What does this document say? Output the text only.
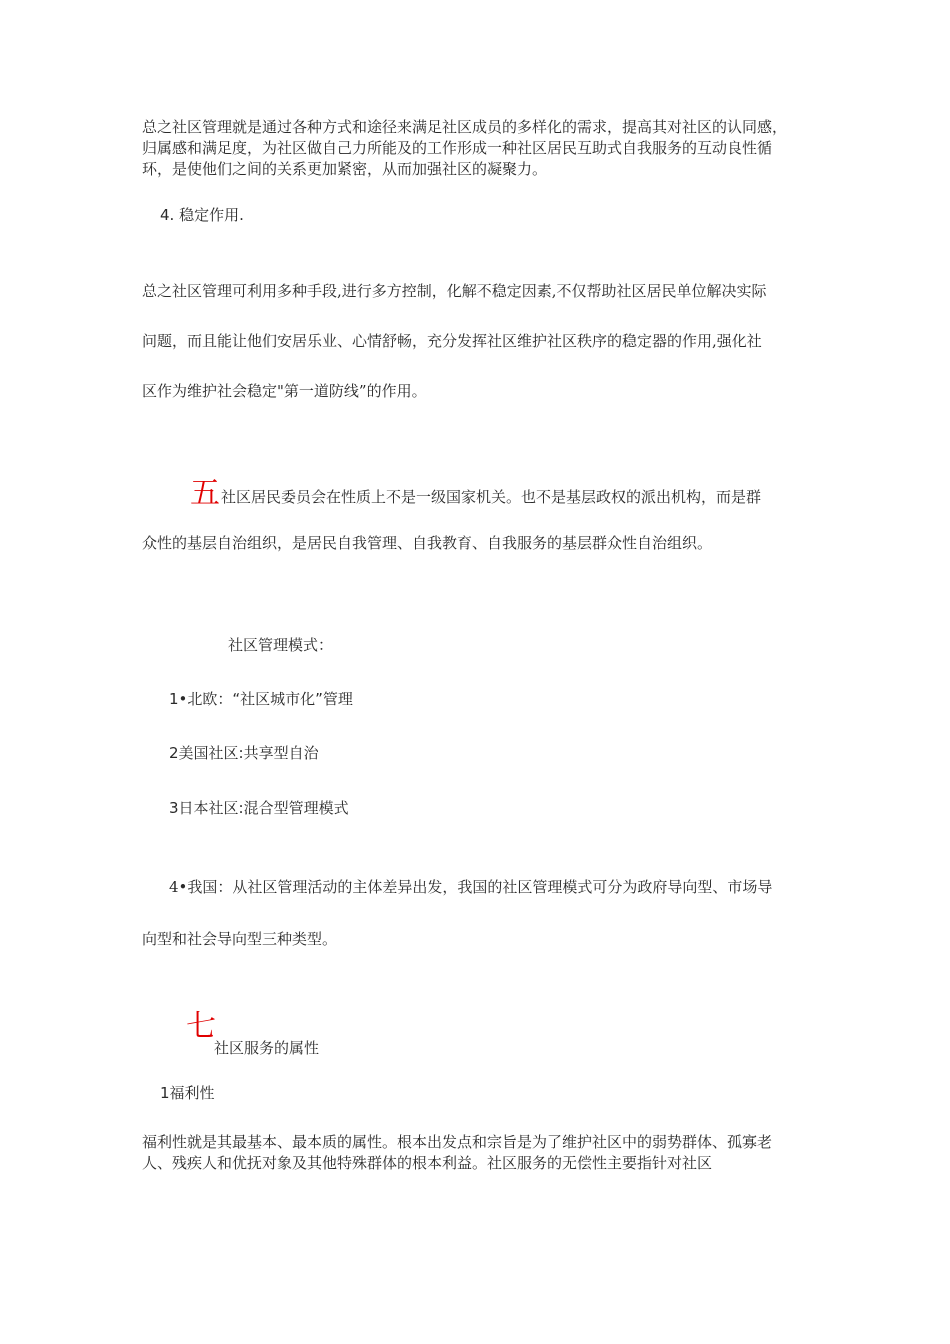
总之社区管理就是通过各种方式和途径来满足社区成员的多样化的需求，提高其对社区的认同感，

归属感和满足度，为社区做自己力所能及的工作形成一种社区居民互助式自我服务的互动良性循

环，是使他们之间的关系更加紧密，从而加强社区的凝聚力。

4. 稳定作用.

总之社区管理可利用多种手段,进行多方控制，化解不稳定因素,不仅帮助社区居民单位解决实际

问题，而且能让他们安居乐业、心情舒畅，充分发挥社区维护社区秩序的稳定器的作用,强化社

区作为维护社会稳定"第一道防线”的作用。

五 社区居民委员会在性质上不是一级国家机关。也不是基层政权的派出机构，而是群

众性的基层自治组织，是居民自我管理、自我教育、自我服务的基层群众性自治组织。

社区管理模式：

1•北欧：“社区城市化”管理

2美国社区:共享型自治

3日本社区:混合型管理模式

4•我国：从社区管理活动的主体差异出发，我国的社区管理模式可分为政府导向型、市场导

向型和社会导向型三种类型。

七

社区服务的属性

1福利性

福利性就是其最基本、最本质的属性。根本出发点和宗旨是为了维护社区中的弱势群体、孤寡老

人、残疾人和优抚对象及其他特殊群体的根本利益。社区服务的无偿性主要指针对社区
